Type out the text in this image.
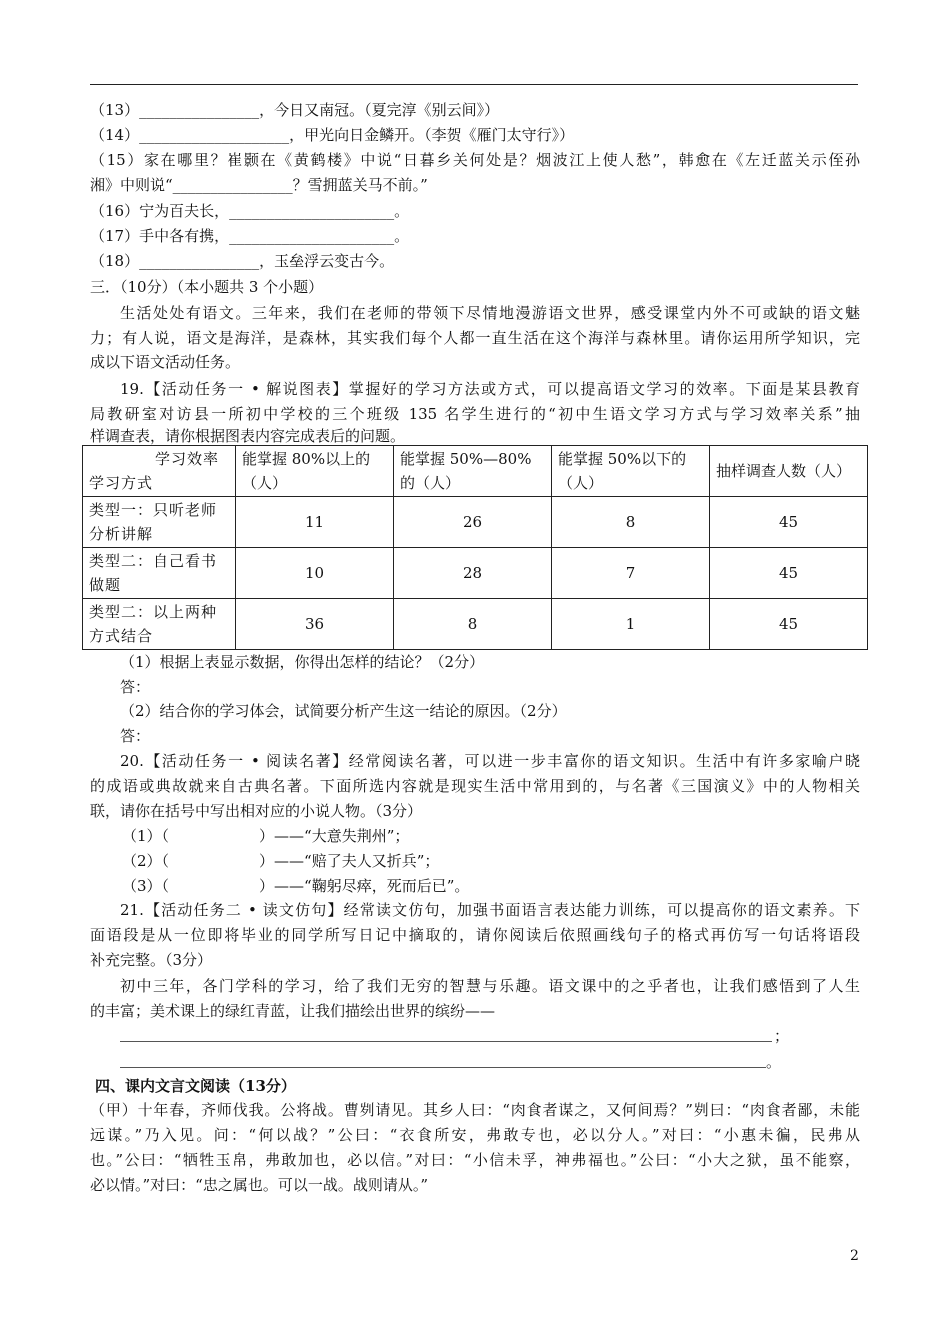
（13）________________，今日又南冠。（夏完淳《别云间》）
（14）____________________，甲光向日金鳞开。（李贺《雁门太守行》）
（15）家在哪里？崔颢在《黄鹤楼》中说“日暮乡关何处是？烟波江上使人愁”，韩愈在《左迁蓝关示侄孙
湘》中则说“________________？雪拥蓝关马不前。”
（16）宁为百夫长，______________________。
（17）手中各有携，______________________。
（18）________________，玉垒浮云变古今。
三．（10分）（本小题共 3 个小题）
生活处处有语文。三年来，我们在老师的带领下尽情地漫游语文世界，感受课堂内外不可或缺的语文魅
力；有人说，语文是海洋，是森林，其实我们每个人都一直生活在这个海洋与森林里。请你运用所学知识，完
成以下语文活动任务。
19.【活动任务一 • 解说图表】掌握好的学习方法或方式，可以提高语文学习的效率。下面是某县教育
局教研室对访县一所初中学校的三个班级 135 名学生进行的“初中生语文学习方式与学习效率关系”抽
样调查表，请你根据图表内容完成表后的问题。
学习效率
学习方式	能掌握 80%以上的（人）	能掌握 50%—80%的（人）	能掌握 50%以下的（人）	抽样调查人数（人）
类型一：只听老师分析讲解	11	26	8	45
类型二：自己看书做题	10	28	7	45
类型二：以上两种方式结合	36	8	1	45
（1）根据上表显示数据，你得出怎样的结论？（2分）
答：
（2）结合你的学习体会，试简要分析产生这一结论的原因。（2分）
答：
20.【活动任务一 • 阅读名著】经常阅读名著，可以进一步丰富你的语文知识。生活中有许多家喻户晓
的成语或典故就来自古典名著。下面所选内容就是现实生活中常用到的，与名著《三国演义》中的人物相关
联，请你在括号中写出相对应的小说人物。（3分）
（1）（　　　　　　）——“大意失荆州”；
（2）（　　　　　　）——“赔了夫人又折兵”；
（3）（　　　　　　）——“鞠躬尽瘁，死而后已”。
21.【活动任务二 • 读文仿句】经常读文仿句，加强书面语言表达能力训练，可以提高你的语文素养。下
面语段是从一位即将毕业的同学所写日记中摘取的，请你阅读后依照画线句子的格式再仿写一句话将语段
补充完整。（3分）
初中三年，各门学科的学习，给了我们无穷的智慧与乐趣。语文课中的之乎者也，让我们感悟到了人生
的丰富；美术课上的绿红青蓝，让我们描绘出世界的缤纷——
；
。
四、课内文言文阅读（13分）
（甲）十年春，齐师伐我。公将战。曹刿请见。其乡人曰：“肉食者谋之，又何间焉？”刿曰：“肉食者鄙，未能
远谋。”乃入见。问：“何以战？”公曰：“衣食所安，弗敢专也，必以分人。”对曰：“小惠未徧，民弗从
也。”公曰：“牺牲玉帛，弗敢加也，必以信。”对曰：“小信未孚，神弗福也。”公曰：“小大之狱，虽不能察，
必以情。”对曰：“忠之属也。可以一战。战则请从。”
2
